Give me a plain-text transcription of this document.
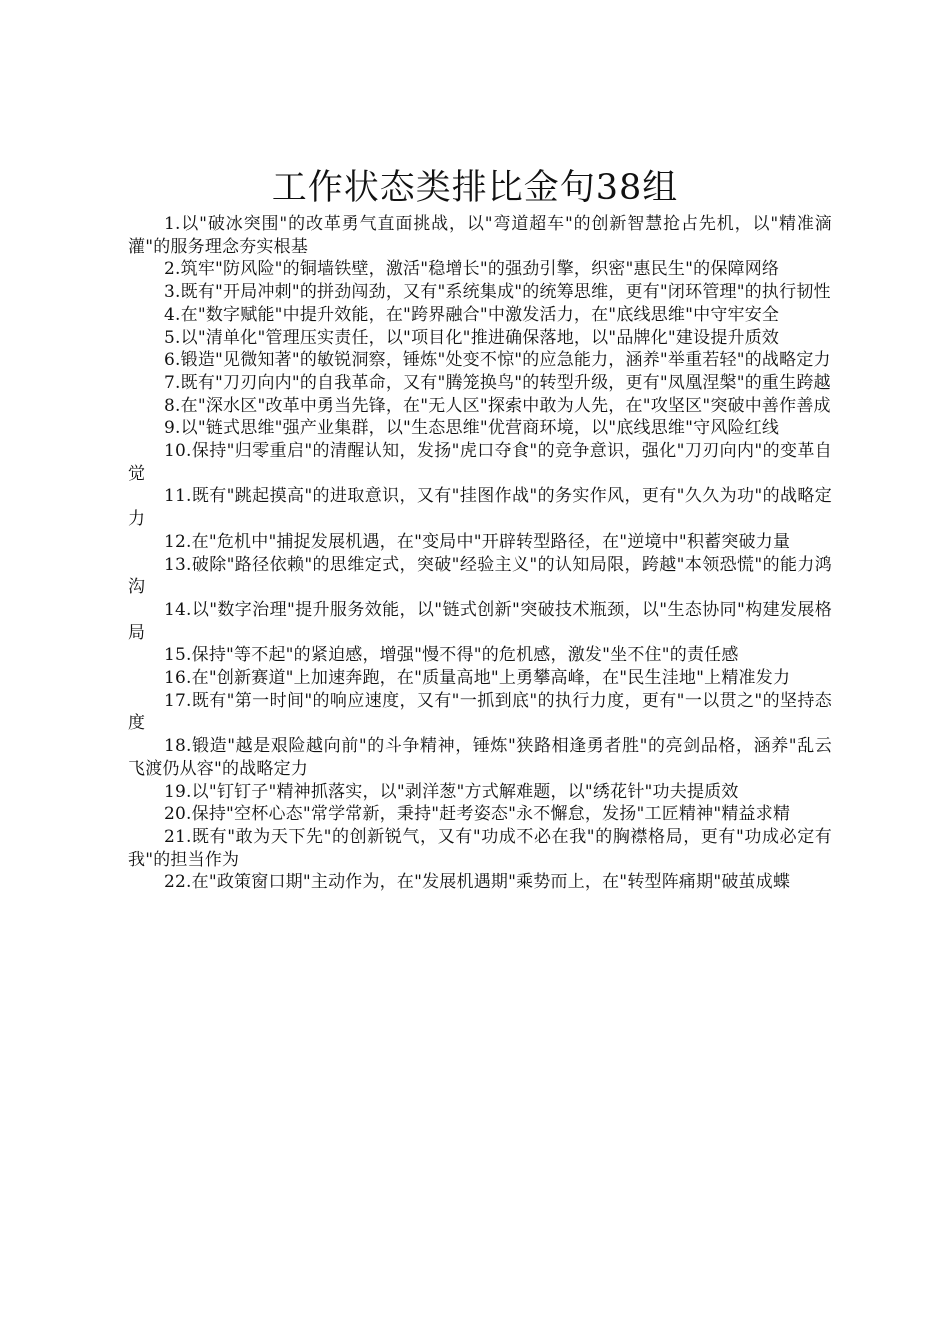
工作状态类排比金句38组
1.以"破冰突围"的改革勇气直面挑战，以"弯道超车"的创新智慧抢占先机，以"精准滴灌"的服务理念夯实根基
2.筑牢"防风险"的铜墙铁壁，激活"稳增长"的强劲引擎，织密"惠民生"的保障网络
3.既有"开局冲刺"的拼劲闯劲，又有"系统集成"的统筹思维，更有"闭环管理"的执行韧性
4.在"数字赋能"中提升效能，在"跨界融合"中激发活力，在"底线思维"中守牢安全
5.以"清单化"管理压实责任，以"项目化"推进确保落地，以"品牌化"建设提升质效
6.锻造"见微知著"的敏锐洞察，锤炼"处变不惊"的应急能力，涵养"举重若轻"的战略定力
7.既有"刀刃向内"的自我革命，又有"腾笼换鸟"的转型升级，更有"凤凰涅槃"的重生跨越
8.在"深水区"改革中勇当先锋，在"无人区"探索中敢为人先，在"攻坚区"突破中善作善成
9.以"链式思维"强产业集群，以"生态思维"优营商环境，以"底线思维"守风险红线
10.保持"归零重启"的清醒认知，发扬"虎口夺食"的竞争意识，强化"刀刃向内"的变革自觉
11.既有"跳起摸高"的进取意识，又有"挂图作战"的务实作风，更有"久久为功"的战略定力
12.在"危机中"捕捉发展机遇，在"变局中"开辟转型路径，在"逆境中"积蓄突破力量
13.破除"路径依赖"的思维定式，突破"经验主义"的认知局限，跨越"本领恐慌"的能力鸿沟
14.以"数字治理"提升服务效能，以"链式创新"突破技术瓶颈，以"生态协同"构建发展格局
15.保持"等不起"的紧迫感，增强"慢不得"的危机感，激发"坐不住"的责任感
16.在"创新赛道"上加速奔跑，在"质量高地"上勇攀高峰，在"民生洼地"上精准发力
17.既有"第一时间"的响应速度，又有"一抓到底"的执行力度，更有"一以贯之"的坚持态度
18.锻造"越是艰险越向前"的斗争精神，锤炼"狭路相逢勇者胜"的亮剑品格，涵养"乱云飞渡仍从容"的战略定力
19.以"钉钉子"精神抓落实，以"剥洋葱"方式解难题，以"绣花针"功夫提质效
20.保持"空杯心态"常学常新，秉持"赶考姿态"永不懈怠，发扬"工匠精神"精益求精
21.既有"敢为天下先"的创新锐气，又有"功成不必在我"的胸襟格局，更有"功成必定有我"的担当作为
22.在"政策窗口期"主动作为，在"发展机遇期"乘势而上，在"转型阵痛期"破茧成蝶
